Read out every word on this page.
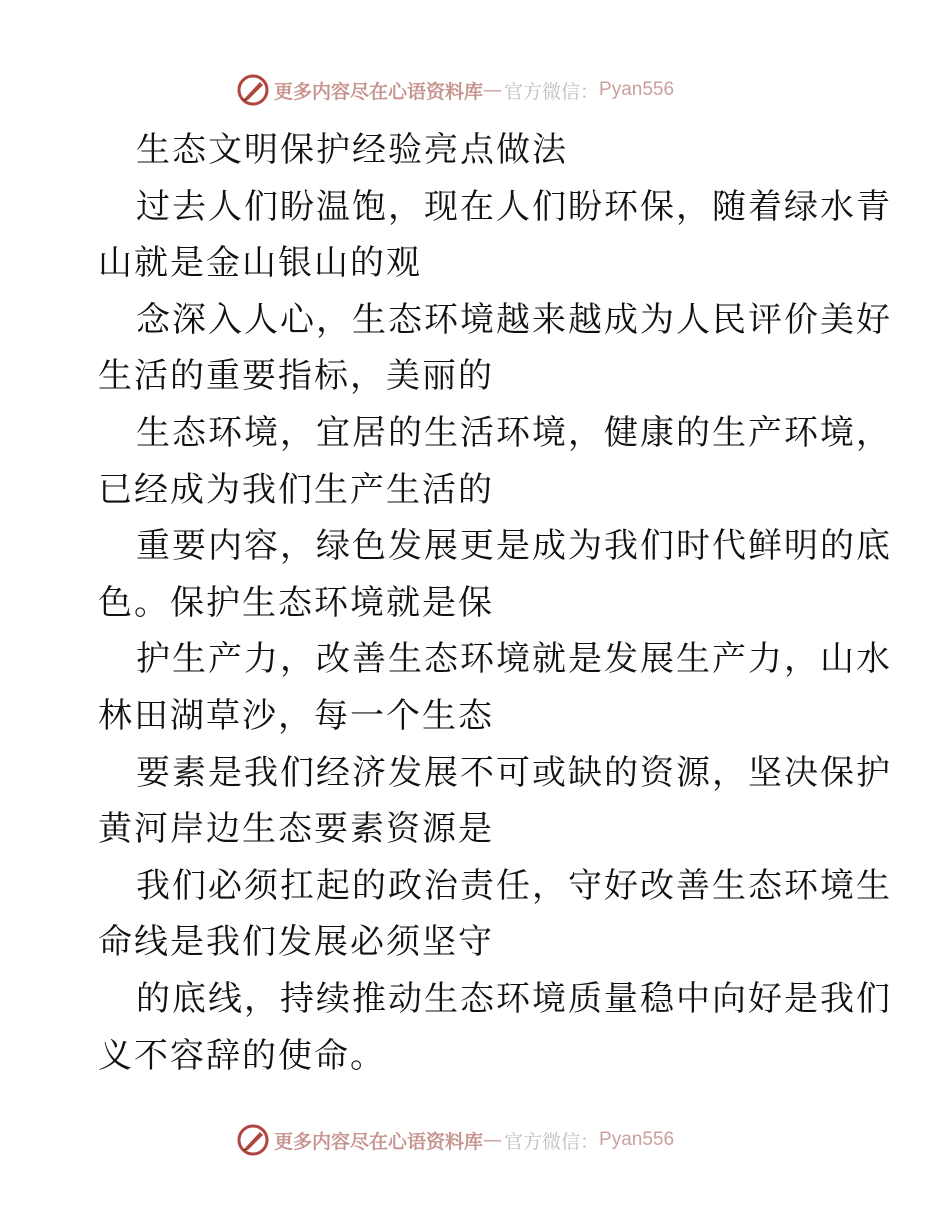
更多内容尽在心语资料库 — 官方微信： Pyan556
生态文明保护经验亮点做法
过去人们盼温饱，现在人们盼环保，随着绿水青
山就是金山银山的观
念深入人心，生态环境越来越成为人民评价美好
生活的重要指标，美丽的
生态环境，宜居的生活环境，健康的生产环境，
已经成为我们生产生活的
重要内容，绿色发展更是成为我们时代鲜明的底
色。保护生态环境就是保
护生产力，改善生态环境就是发展生产力，山水
林田湖草沙，每一个生态
要素是我们经济发展不可或缺的资源，坚决保护
黄河岸边生态要素资源是
我们必须扛起的政治责任，守好改善生态环境生
命线是我们发展必须坚守
的底线，持续推动生态环境质量稳中向好是我们
义不容辞的使命。
更多内容尽在心语资料库 — 官方微信： Pyan556
